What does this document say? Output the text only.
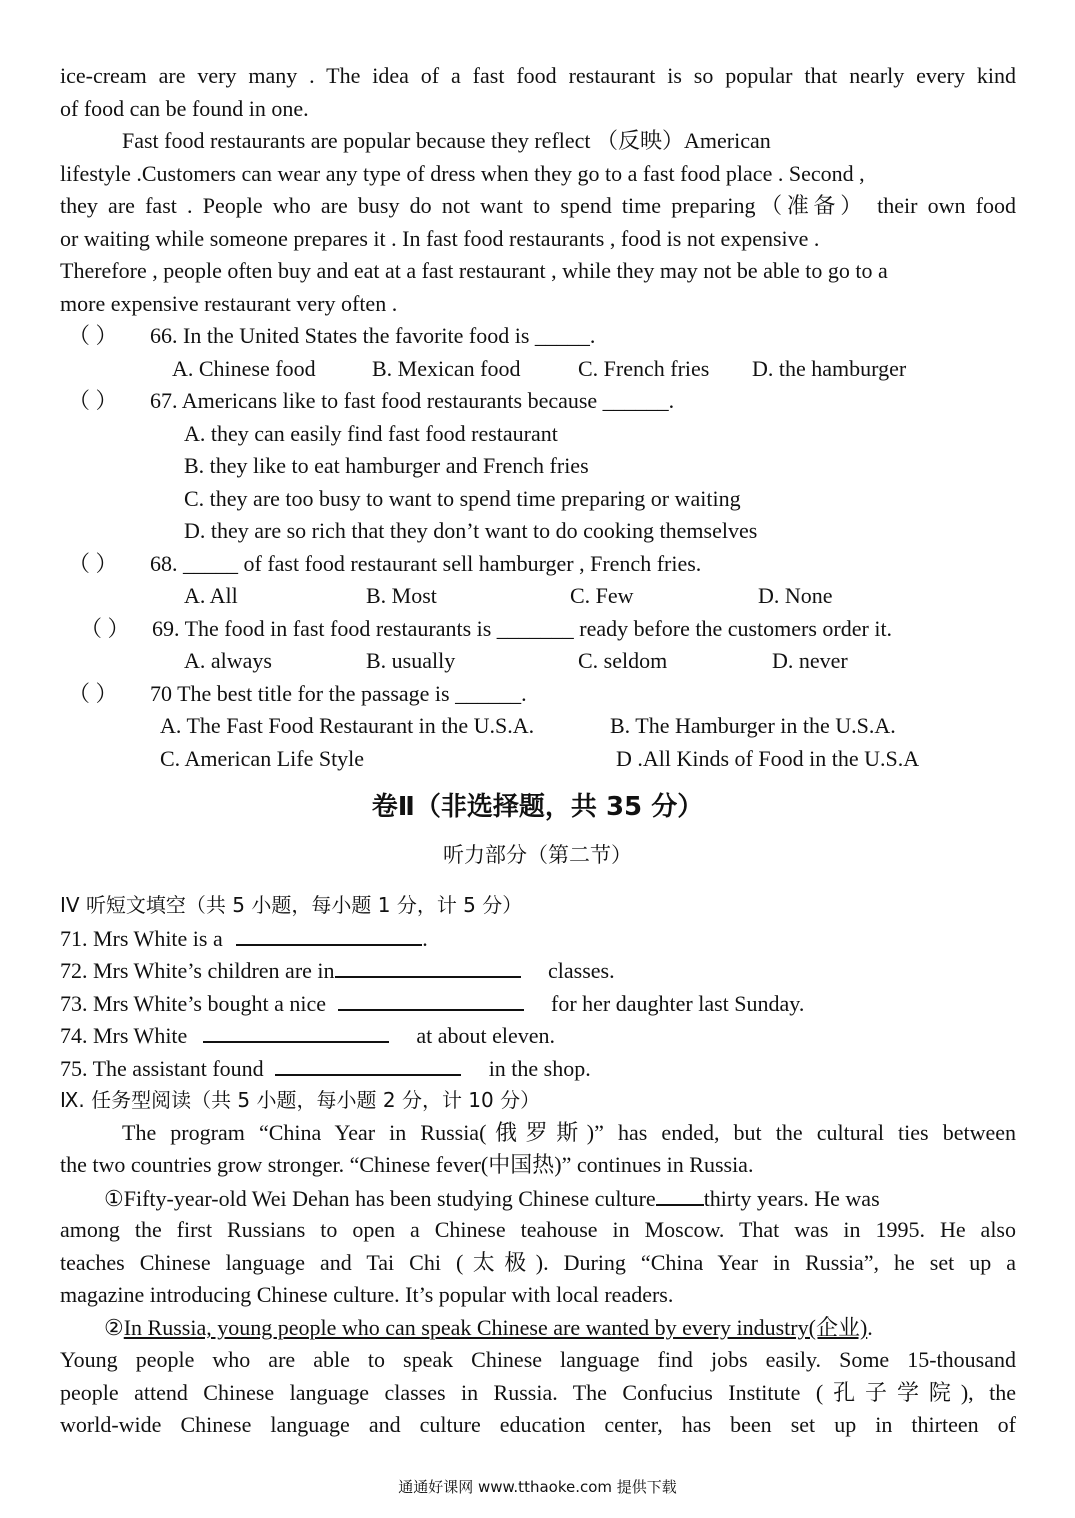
ice-cream are very many . The idea of a fast food restaurant is so popular that nearly every kind
of food can be found in one.
Fast food restaurants are popular because they reflect （反映）American
lifestyle .Customers can wear any type of dress when they go to a fast food place . Second ,
they are fast . People who are busy do not want to spend time preparing（准备） their own food
or waiting while someone prepares it . In fast food restaurants , food is not expensive .
Therefore , people often buy and eat at a fast restaurant , while they may not be able to go to a
more expensive restaurant very often .
（ ） 66. In the United States the favorite food is _____.
A. Chinese food	B. Mexican food	C. French fries D. the hamburger
（ ） 67. Americans like to fast food restaurants because ______.
A. they can easily find fast food restaurant
B. they like to eat hamburger and French fries
C. they are too busy to want to spend time preparing or waiting
D. they are so rich that they don’t want to do cooking themselves
（ ） 68. _____ of fast food restaurant sell hamburger , French fries.
A. All	B. Most	C. Few	D. None
（ ） 69. The food in fast food restaurants is _______ ready before the customers order it.
A. always	B. usually	C. seldom	D. never
（ ） 70 The best title for the passage is ______.
A. The Fast Food Restaurant in the U.S.A.	B. The Hamburger in the U.S.A.
C. American Life Style	D .All Kinds of Food in the U.S.A
卷Ⅱ（非选择题，共 35 分）
听力部分（第二节）
IV 听短文填空（共 5 小题，每小题 1 分，计 5 分）
71. Mrs White is a	.
72. Mrs White’s children are in	classes.
73. Mrs White’s bought a nice	for her daughter last Sunday.
74. Mrs White	at about eleven.
75. The assistant found	in the shop.
Ⅸ. 任务型阅读（共 5 小题，每小题 2 分，计 10 分）
The program “China Year in Russia(俄罗斯)” has ended, but the cultural ties between
the two countries grow stronger. “Chinese fever(中国热)” continues in Russia.
①Fifty-year-old Wei Dehan has been studying Chinese culture thirty years. He was
among the first Russians to open a Chinese teahouse in Moscow. That was in 1995. He also
teaches Chinese language and Tai Chi (太极). During “China Year in Russia”, he set up a
magazine introducing Chinese culture. It’s popular with local readers.
②In Russia, young people who can speak Chinese are wanted by every industry(企业).
Young people who are able to speak Chinese language find jobs easily. Some 15-thousand
people attend Chinese language classes in Russia. The Confucius Institute (孔子学院), the
world-wide Chinese language and culture education center, has been set up in thirteen of
通通好课网 www.tthaoke.com 提供下载
